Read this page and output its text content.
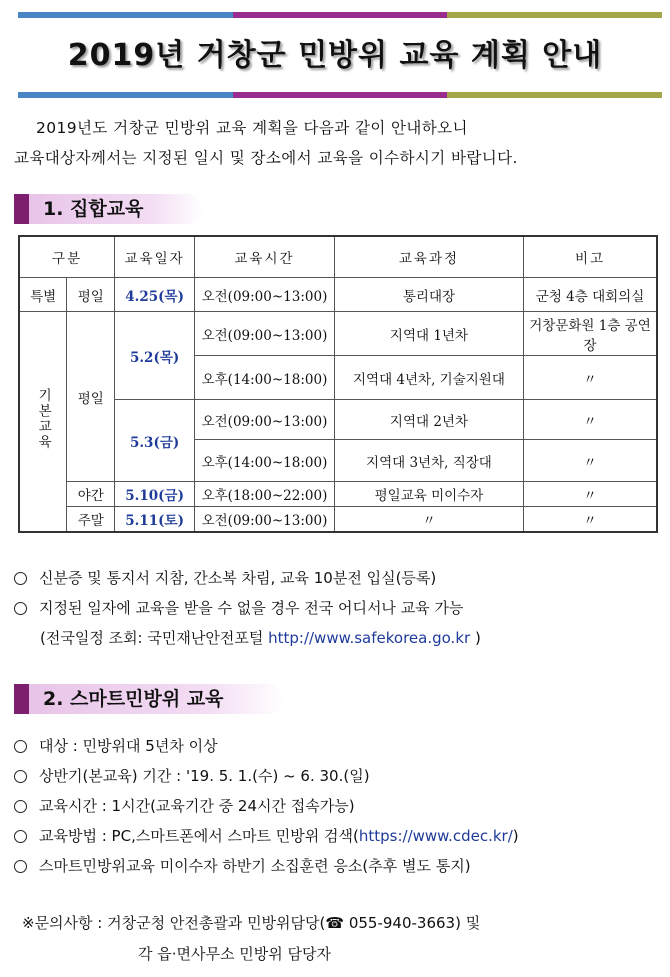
2019년 거창군 민방위 교육 계획 안내
2019년도 거창군 민방위 교육 계획을 다음과 같이 안내하오니
교육대상자께서는 지정된 일시 및 장소에서 교육을 이수하시기 바랍니다.
1. 집합교육
구분		교육일자	교육시간	교육과정	비고
특별	평일	4.25(목)	오전(09:00~13:00)	통리대장	군청 4층 대회의실
기본교육	평일	5.2(목)	오전(09:00~13:00)	지역대 1년차	거창문화원 1층 공연장
			오후(14:00~18:00)	지역대 4년차, 기술지원대	〃
		5.3(금)	오전(09:00~13:00)	지역대 2년차	〃
			오후(14:00~18:00)	지역대 3년차, 직장대	〃
	야간	5.10(금)	오후(18:00~22:00)	평일교육 미이수자	〃
	주말	5.11(토)	오전(09:00~13:00)	〃	〃
신분증 및 통지서 지참, 간소복 차림, 교육 10분전 입실(등록)
지정된 일자에 교육을 받을 수 없을 경우 전국 어디서나 교육 가능
(전국일정 조회: 국민재난안전포털
http://www.safekorea.go.kr
)
2. 스마트민방위 교육
대상 : 민방위대 5년차 이상
상반기(본교육) 기간 : '19. 5. 1.(수) ~ 6. 30.(일)
교육시간 : 1시간(교육기간 중 24시간 접속가능)
교육방법 : PC,스마트폰에서 스마트 민방위 검색( https://www.cdec.kr/ )
스마트민방위교육 미이수자 하반기 소집훈련 응소(추후 별도 통지)
※문의사항 : 거창군청 안전총괄과 민방위담당(☎ 055-940-3663) 및
각 읍·면사무소 민방위 담당자
